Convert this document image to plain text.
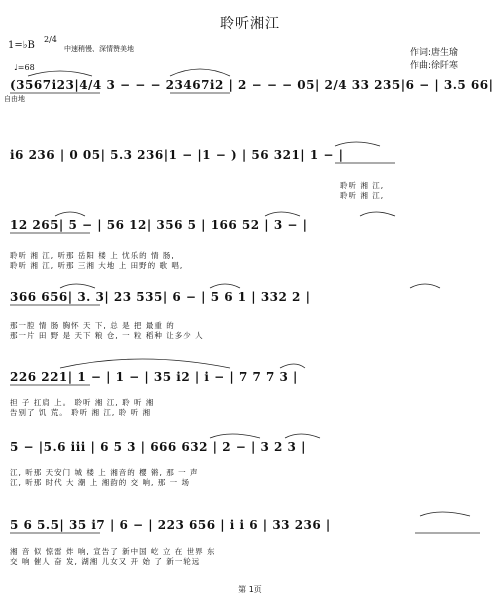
聆听湘江
1=♭B
2/4
中速稍慢、深情赞美地
♩=68
自由地
作词:唐生瑜
作曲:徐阡寒
(3567i23|4/4 3 − − − 23467i2 | 2 − − − 05| 2/4 33 235|6 − | 3.5 66|
i6 236 | 0 05| 5.3 236|1 − |1 − ) | 56 321| 1 − |
聆听 湘 江,
聆听 湘 江,
12 265| 5 − | 56 12| 356 5 | 166 52 | 3 − |
聆听 湘 江, 听那 岳阳 楼 上 忧乐的 情 肠,
聆听 湘 江, 听那 三湘 大地 上 田野的 歌 唱,
366 656| 3. 3| 23 535| 6 − | 5 6 1 | 332 2 |
那一腔 情 肠 胸怀 天 下, 总 是 把 最重 的
那一片 田 野 是 天下 粮 仓, 一 粒 稻种 让多少 人
226 221| 1 − | 1 − | 35 i2 | i − | 7 7 7 3 |
担 子 扛肩 上。 聆听 湘 江, 聆 听 湘
告别了 饥 荒。 聆听 湘 江, 聆 听 湘
5 − |5.6 iii | 6 5 3 | 666 632 | 2 − | 3 2 3 |
江, 听那 天安门 城 楼 上 湘音的 樱 锵, 那 一 声
江, 听那 时代 大 潮 上 湘韵的 交 响, 那 一 场
5 6 5.5| 35 i7 | 6 − | 223 656 | i i 6 | 33 236 |
湘 音 似 惊雷 炸 响, 宣告了 新中国 屹 立 在 世界 东
交 响 催人 奋 发, 湖湘 儿女又 开 始 了 新一轮远
第 1页
